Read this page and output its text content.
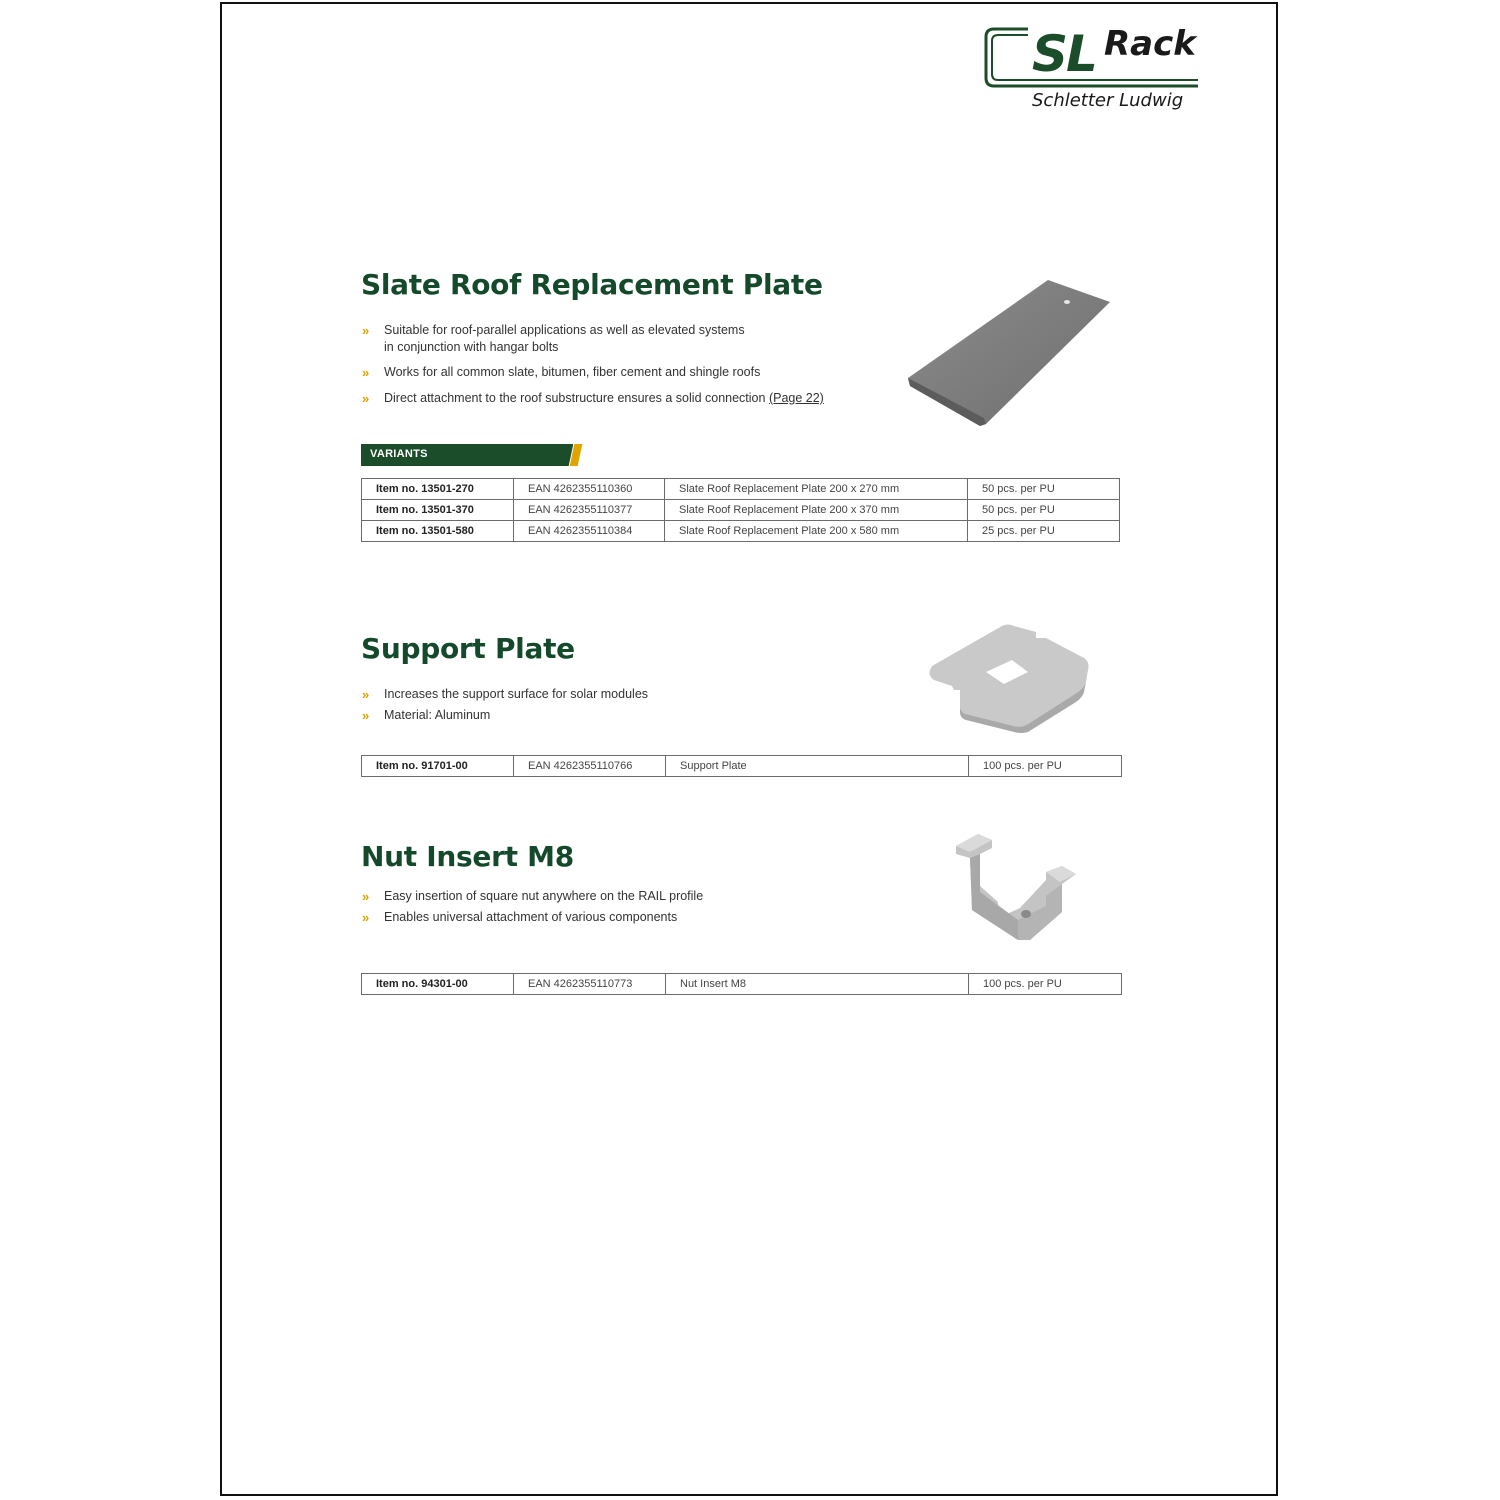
SL Rack
Schletter Ludwig
Slate Roof Replacement Plate
» Suitable for roof-parallel applications as well as elevated systems
in conjunction with hangar bolts
» Works for all common slate, bitumen, fiber cement and shingle roofs
» Direct attachment to the roof substructure ensures a solid connection (Page 22)
VARIANTS
Item no. 13501-270	EAN 4262355110360	Slate Roof Replacement Plate 200 x 270 mm	50 pcs. per PU
Item no. 13501-370	EAN 4262355110377	Slate Roof Replacement Plate 200 x 370 mm	50 pcs. per PU
Item no. 13501-580	EAN 4262355110384	Slate Roof Replacement Plate 200 x 580 mm	25 pcs. per PU
Support Plate
» Increases the support surface for solar modules
» Material: Aluminum
Item no. 91701-00	EAN 4262355110766	Support Plate	100 pcs. per PU
Nut Insert M8
» Easy insertion of square nut anywhere on the RAIL profile
» Enables universal attachment of various components
Item no. 94301-00	EAN 4262355110773	Nut Insert M8	100 pcs. per PU
